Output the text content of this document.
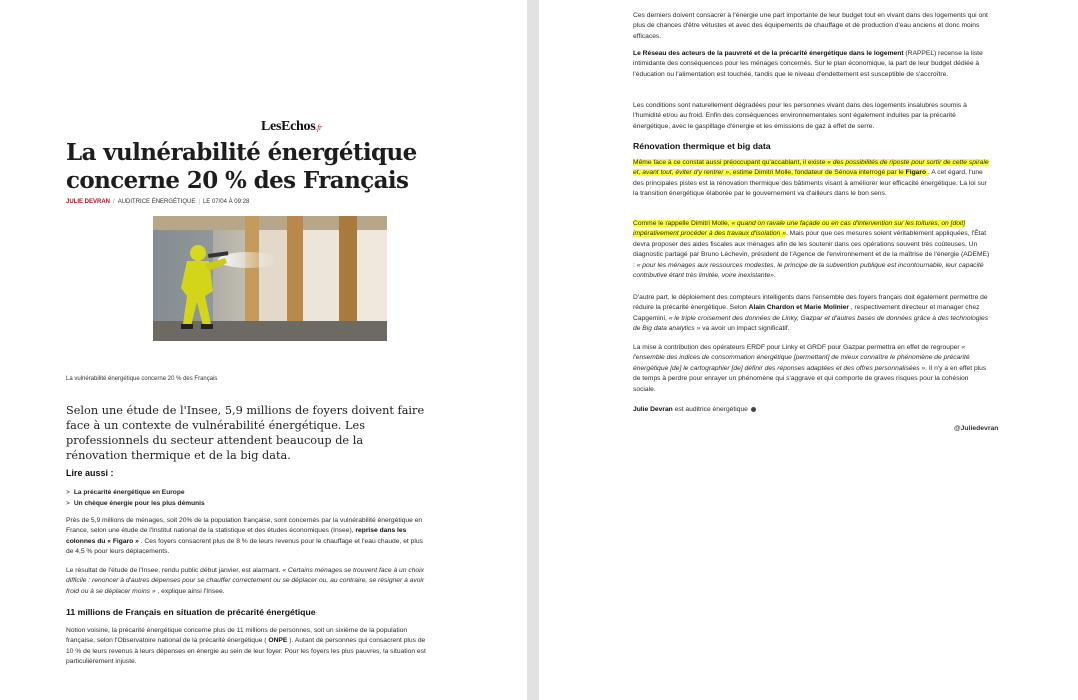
LesEchos.fr
La vulnérabilité énergétique concerne 20 % des Français
JULIE DEVRAN / AUDITRICE ÉNERGÉTIQUE | LE 07/04 À 09:28
La vulnérabilité énergétique concerne 20 % des Français

Selon une étude de l'Insee, 5,9 millions de foyers doivent faire face à un contexte de vulnérabilité énergétique. Les professionnels du secteur attendent beaucoup de la rénovation thermique et de la big data.

Lire aussi :
> La précarité énergétique en Europe
> Un chèque énergie pour les plus démunis

Près de 5,9 millions de ménages, soit 20% de la population française, sont concernés par la vulnérabilité énergétique en France, selon une étude de l'Institut national de la statistique et des études économiques (Insee), reprise dans les colonnes du « Figaro » . Ces foyers consacrent plus de 8 % de leurs revenus pour le chauffage et l'eau chaude, et plus de 4,5 % pour leurs déplacements.

Le résultat de l'étude de l'Insee, rendu public début janvier, est alarmant. « Certains ménages se trouvent face à un choix difficile : renoncer à d'autres dépenses pour se chauffer correctement ou se déplacer ou, au contraire, se résigner à avoir froid ou à se déplacer moins » , explique ainsi l'Insee.

11 millions de Français en situation de précarité énergétique

Notion voisine, la précarité énergétique concerne plus de 11 millions de personnes, soit un sixième de la population française, selon l'Observatoire national de la précarité énergétique ( ONPE ). Autant de personnes qui consacrent plus de 10 % de leurs revenus à leurs dépenses en énergie au sein de leur foyer. Pour les foyers les plus pauvres, la situation est particulièrement injuste.

Ces derniers doivent consacrer à l'énergie une part importante de leur budget tout en vivant dans des logements qui ont plus de chances d'être vétustes et avec des équipements de chauffage et de production d'eau anciens et donc moins efficaces.

Le Réseau des acteurs de la pauvreté et de la précarité énergétique dans le logement (RAPPEL) recense la liste intimidante des conséquences pour les ménages concernés. Sur le plan économique, la part de leur budget dédiée à l'éducation ou l'alimentation est touchée, tandis que le niveau d'endettement est susceptible de s'accroître.

Les conditions sont naturellement dégradées pour les personnes vivant dans des logements insalubres soumis à l'humidité et/ou au froid. Enfin des conséquences environnementales sont également induites par la précarité énergétique, avec le gaspillage d'énergie et les émissions de gaz à effet de serre.

Rénovation thermique et big data

Même face à ce constat aussi préoccupant qu'accablant, il existe « des possibilités de riposte pour sortir de cette spirale et, avant tout, éviter d'y rentrer », estime Dimitri Molle, fondateur de Sénova interrogé par le Figaro . A cet égard, l'une des principales pistes est la rénovation thermique des bâtiments visant à améliorer leur efficacité énergétique. La loi sur la transition énergétique élaborée par le gouvernement va d'ailleurs dans le bon sens.

Comme le rappelle Dimitri Molle, « quand on ravale une façade ou en cas d'intervention sur les toitures, on [doit] impérativement procéder à des travaux d'isolation ». Mais pour que ces mesures soient véritablement appliquées, l'État devra proposer des aides fiscales aux ménages afin de les soutenir dans ces opérations souvent très coûteuses. Un diagnostic partagé par Bruno Léchevin, président de l'Agence de l'environnement et de la maîtrise de l'énergie (ADEME) : « pour les ménages aux ressources modestes, le principe de la subvention publique est incontournable, leur capacité contributive étant très limitée, voire inexistante».

D'autre part, le déploiement des compteurs intelligents dans l'ensemble des foyers français doit également permettre de réduire la précarité énergétique. Selon Alain Chardon et Marie Molinier , respectivement directeur et manager chez Capgemini, « le triple croisement des données de Linky, Gazpar et d'autres bases de données grâce à des technologies de Big data analytics » va avoir un impact significatif.

La mise à contribution des opérateurs ERDF pour Linky et GRDF pour Gazpar permettra en effet de regrouper « l'ensemble des indices de consommation énergétique [permettant] de mieux connaître le phénomène de précarité énergétique [de] le cartographier [de] définir des réponses adaptées et des offres personnalisées ». Il n'y a en effet plus de temps à perdre pour enrayer un phénomène qui s'aggrave et qui comporte de graves risques pour la cohésion sociale.

Julie Devran est auditrice énergétique

@Juliedevran
